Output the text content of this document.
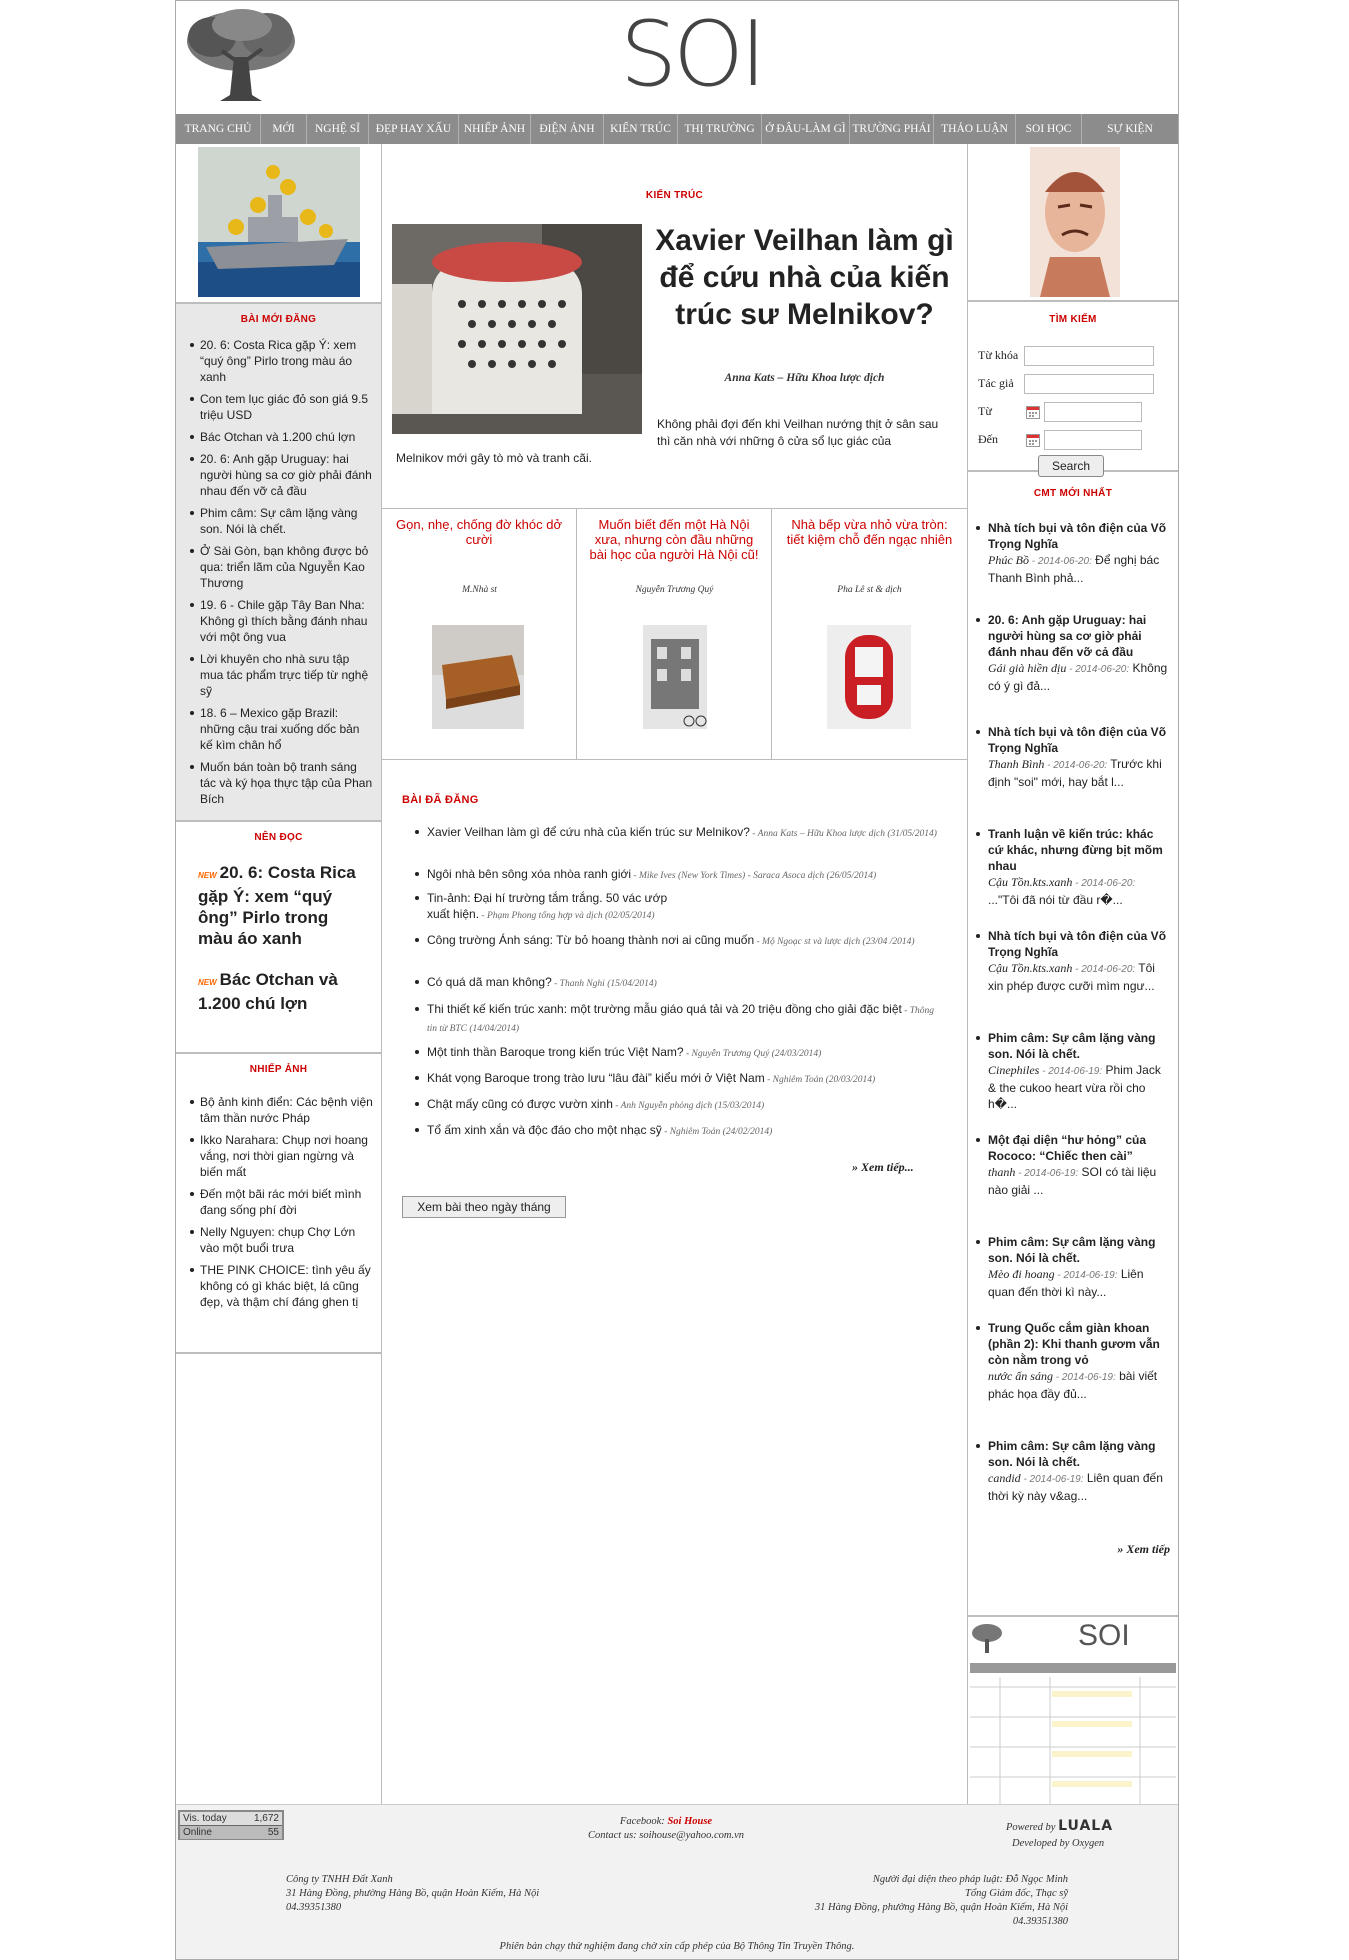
SOI
TRANG CHỦ	MỚI	NGHỆ SĨ	ĐẸP HAY XẤU	NHIẾP ẢNH	ĐIỆN ẢNH	KIẾN TRÚC	THỊ TRƯỜNG Ở ĐÂU-LÀM GÌ TRƯỜNG PHÁI THẢO LUẬN	SOI HỌC	SỰ KIỆN
BÀI MỚI ĐĂNG
20. 6: Costa Rica gặp Ý: xem “quý ông” Pirlo trong màu áo xanh
Con tem lục giác đỏ son giá 9.5 triệu USD
Bác Otchan và 1.200 chú lợn
20. 6: Anh gặp Uruguay: hai người hùng sa cơ giờ phải đánh nhau đến vỡ cả đầu
Phim câm: Sự câm lặng vàng son. Nói là chết.
Ở Sài Gòn, bạn không được bỏ qua: triển lãm của Nguyễn Kao Thương
19. 6 - Chile gặp Tây Ban Nha: Không gì thích bằng đánh nhau với một ông vua
Lời khuyên cho nhà sưu tập mua tác phẩm trực tiếp từ nghệ sỹ
18. 6 – Mexico gặp Brazil: những cậu trai xuống dốc bản kế kìm chân hổ
Muốn bán toàn bộ tranh sáng tác và ký họa thực tập của Phan Bích
NÊN ĐỌC
NEW 20. 6: Costa Rica gặp Ý: xem “quý ông” Pirlo trong màu áo xanh
NEW Bác Otchan và 1.200 chú lợn
NHIẾP ẢNH
Bộ ảnh kinh điển: Các bệnh viện tâm thần nước Pháp
Ikko Narahara: Chụp nơi hoang vắng, nơi thời gian ngừng và biến mất
Đến một bãi rác mới biết mình đang sống phí đời
Nelly Nguyen: chụp Chợ Lớn vào một buổi trưa
THE PINK CHOICE: tình yêu ấy không có gì khác biệt, lá cũng đẹp, và thậm chí đáng ghen tị
KIẾN TRÚC
Xavier Veilhan làm gì để cứu nhà của kiến trúc sư Melnikov?
Anna Kats – Hữu Khoa lược dịch
Không phải đợi đến khi Veilhan nướng thịt ở sân sau thì căn nhà với những ô cửa sổ lục giác của
Melnikov mới gây tò mò và tranh cãi.
Gọn, nhẹ, chống đờ khóc dở cười
M.Nhà st
Muốn biết đến một Hà Nội xưa, nhưng còn đầu những bài học của người Hà Nội cũ!
Nguyễn Trương Quý
Nhà bếp vừa nhỏ vừa tròn: tiết kiệm chỗ đến ngạc nhiên
Pha Lê st & dịch
BÀI ĐÃ ĐĂNG
Xavier Veilhan làm gì để cứu nhà của kiến trúc sư Melnikov? - Anna Kats – Hữu Khoa lược dịch (31/05/2014)
Ngôi nhà bên sông xóa nhòa ranh giới - Mike Ives (New York Times) - Saraca Asoca dịch (26/05/2014)
Tin-ảnh: Đại hí trường tắm trắng. 50 vác ướp xuất hiện. - Phạm Phong tổng hợp và dịch (02/05/2014)
Công trường Ánh sáng: Từ bỏ hoang thành nơi ai cũng muốn - Mộ Ngoạc st và lược dịch (23/04 /2014)
Có quá dã man không? - Thanh Nghi (15/04/2014)
Thi thiết kế kiến trúc xanh: một trường mẫu giáo quá tải và 20 triệu đồng cho giải đặc biệt - Thông tin từ BTC (14/04/2014)
Một tinh thần Baroque trong kiến trúc Việt Nam? - Nguyễn Trương Quý (24/03/2014)
Khát vọng Baroque trong trào lưu “lâu đài” kiểu mới ở Việt Nam - Nghiêm Toản (20/03/2014)
Chật mấy cũng có được vườn xinh - Anh Nguyễn phỏng dịch (15/03/2014)
Tổ ấm xinh xắn và độc đáo cho một nhạc sỹ - Nghiêm Toản (24/02/2014)
» Xem tiếp...
Xem bài theo ngày tháng
TÌM KIẾM
Từ khóa
Tác giả
Từ
Đến
Search
CMT MỚI NHẤT
Nhà tích bụi và tôn điện của Võ Trọng Nghĩa
Phúc Bồ - 2014-06-20: Để nghị bác Thanh Bình phả...
20. 6: Anh gặp Uruguay: hai người hùng sa cơ giờ phải đánh nhau đến vỡ cả đầu
Gái già hiền dịu - 2014-06-20: Không có ý gì đả...
Nhà tích bụi và tôn điện của Võ Trọng Nghĩa
Thanh Bình - 2014-06-20: Trước khi định "soi" mới, hay bắt l...
Tranh luận về kiến trúc: khác cứ khác, nhưng đừng bịt mõm nhau
Cậu Tồn.kts.xanh - 2014-06-20: ..."Tôi đã nói từ đầu r�...
Nhà tích bụi và tôn điện của Võ Trọng Nghĩa
Cậu Tồn.kts.xanh - 2014-06-20: Tôi xin phép được cưỡi mìm ngư...
Phim câm: Sự câm lặng vàng son. Nói là chết.
Cinephiles - 2014-06-19: Phim Jack & the cukoo heart vừa rồi cho h�...
Một đại diện “hư hỏng” của Rococo: “Chiếc then cài”
thanh - 2014-06-19: SOI có tài liệu nào giải ...
Phim câm: Sự câm lặng vàng son. Nói là chết.
Mèo đi hoang - 2014-06-19: Liên quan đến thời kì này...
Trung Quốc cắm giàn khoan (phần 2): Khi thanh gươm vẫn còn nằm trong vỏ
nước ấn sáng - 2014-06-19: bài viết phác họa đầy đủ...
Phim câm: Sự câm lặng vàng son. Nói là chết.
candid - 2014-06-19: Liên quan đến thời kỳ này v&ag...
» Xem tiếp
SOI
Vis. today	1,672
Online	55
Facebook: Soi House
Contact us: soihouse@yahoo.com.vn
Powered by LUALA
Developed by Oxygen
Công ty TNHH Đất Xanh
31 Hàng Đồng, phường Hàng Bồ, quận Hoàn Kiếm, Hà Nội
04.39351380
Người đại diện theo pháp luật: Đỗ Ngọc Minh
Tổng Giám đốc, Thạc sỹ
31 Hàng Đồng, phường Hàng Bồ, quận Hoàn Kiếm, Hà Nội
04.39351380
Phiên bản chạy thử nghiệm đang chờ xin cấp phép của Bộ Thông Tin Truyền Thông.
